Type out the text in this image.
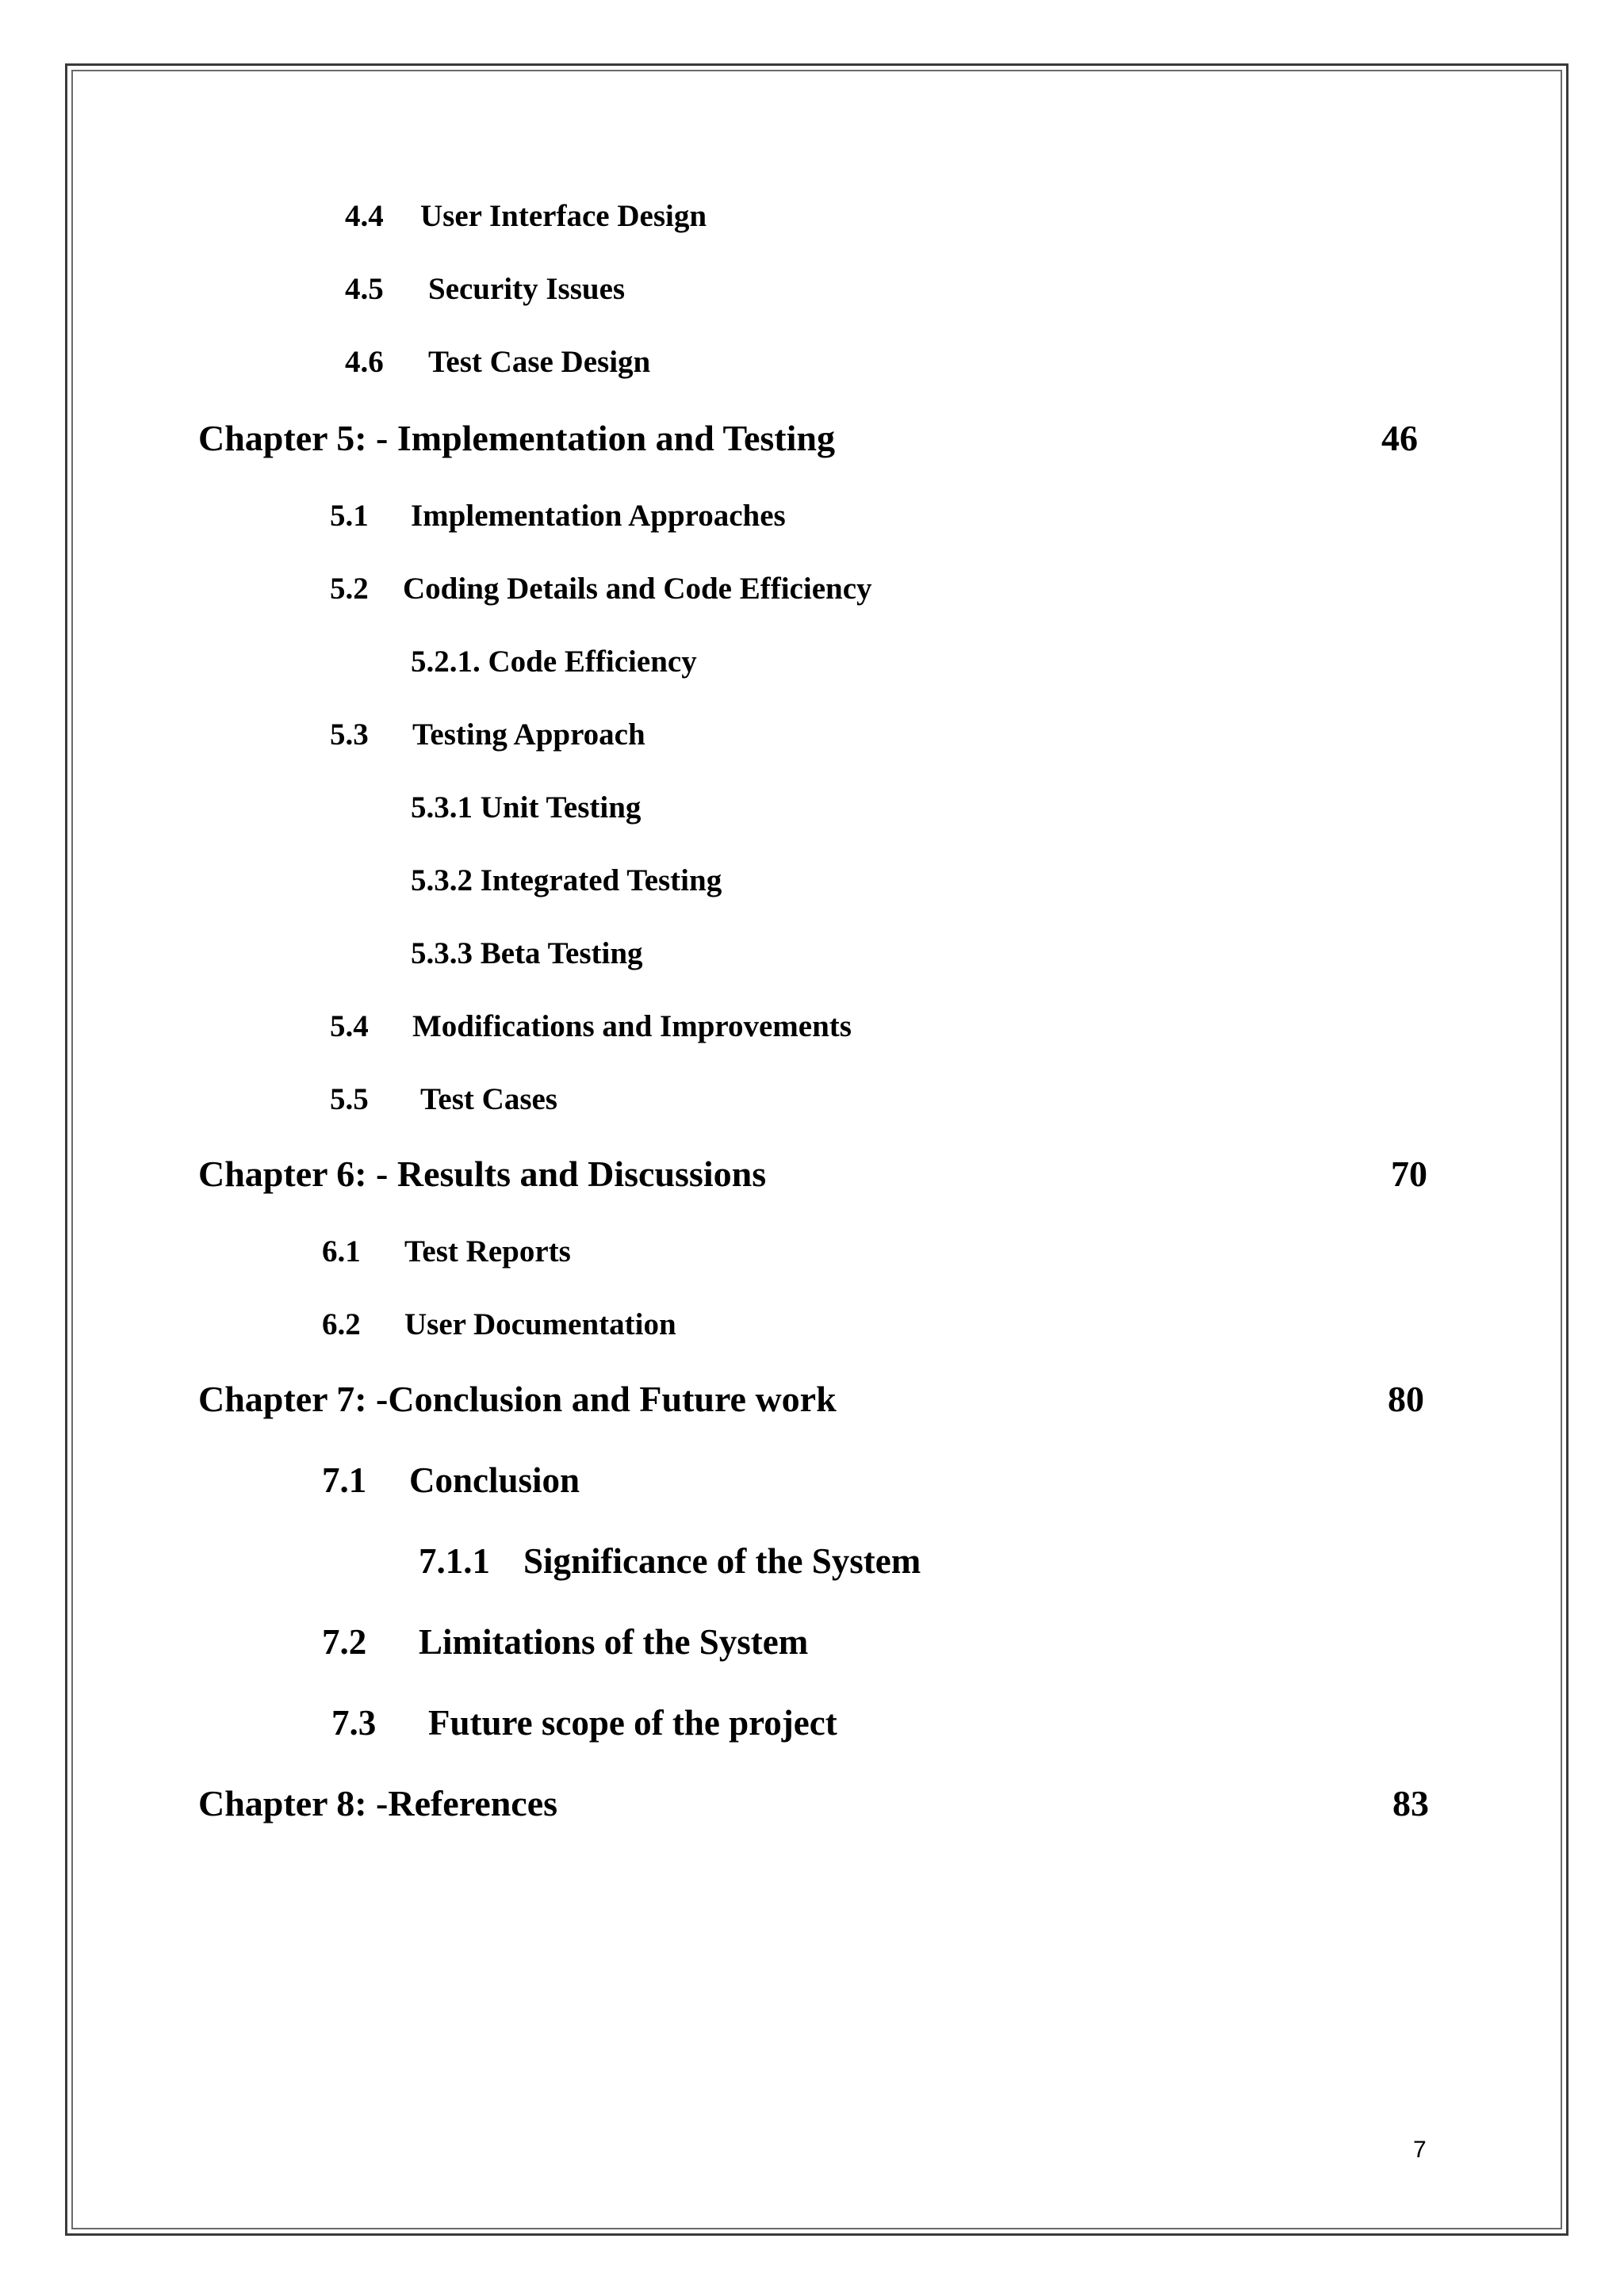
4.4 User Interface Design
4.5 Security Issues
4.6 Test Case Design
Chapter 5: - Implementation and Testing	46
5.1 Implementation Approaches
5.2 Coding Details and Code Efficiency
5.2.1. Code Efficiency
5.3 Testing Approach
5.3.1 Unit Testing
5.3.2 Integrated Testing
5.3.3 Beta Testing
5.4 Modifications and Improvements
5.5 Test Cases
Chapter 6: - Results and Discussions	70
6.1 Test Reports
6.2 User Documentation
Chapter 7: -Conclusion and Future work	80
7.1 Conclusion
7.1.1 Significance of the System
7.2 Limitations of the System
7.3 Future scope of the project
Chapter 8: -References	83
7
